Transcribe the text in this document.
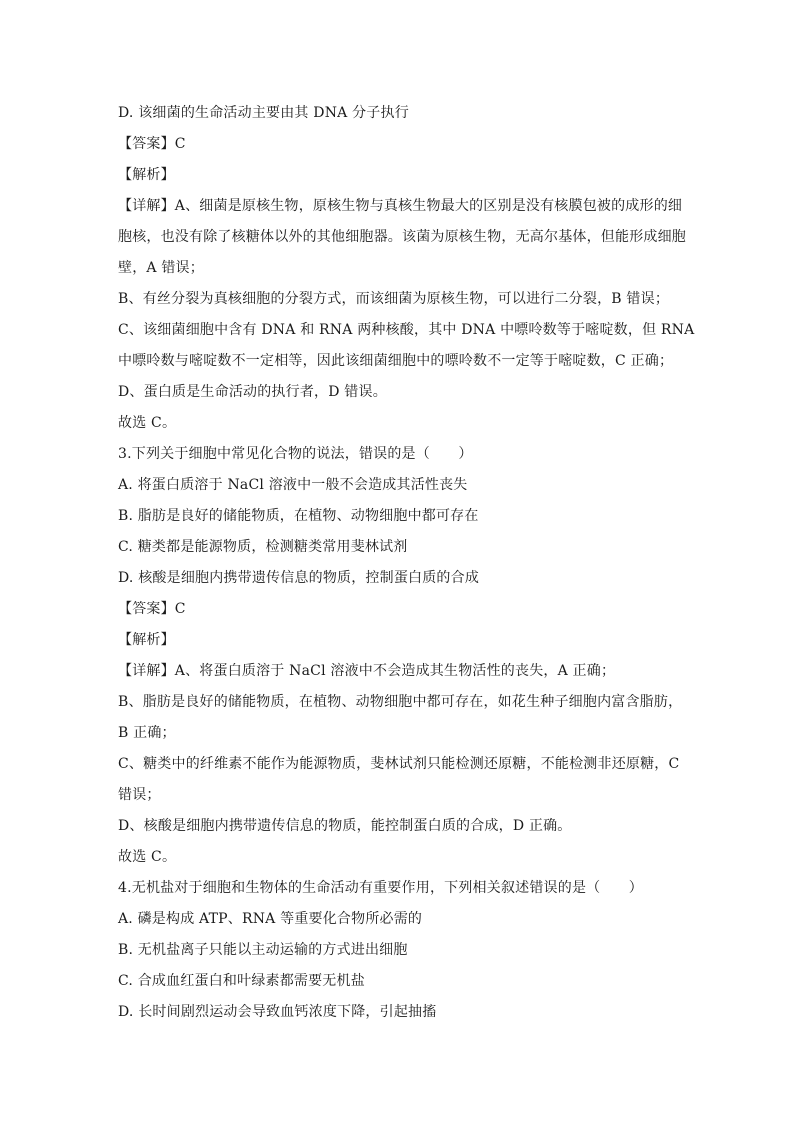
D. 该细菌的生命活动主要由其 DNA 分子执行
【答案】C
【解析】
【详解】A、细菌是原核生物，原核生物与真核生物最大的区别是没有核膜包被的成形的细
胞核，也没有除了核糖体以外的其他细胞器。该菌为原核生物，无高尔基体，但能形成细胞
壁，A 错误；
B、有丝分裂为真核细胞的分裂方式，而该细菌为原核生物，可以进行二分裂，B 错误；
C、该细菌细胞中含有 DNA 和 RNA 两种核酸，其中 DNA 中嘌呤数等于嘧啶数，但 RNA
中嘌呤数与嘧啶数不一定相等，因此该细菌细胞中的嘌呤数不一定等于嘧啶数，C 正确；
D、蛋白质是生命活动的执行者，D 错误。
故选 C。
3.下列关于细胞中常见化合物的说法，错误的是（　　）
A. 将蛋白质溶于 NaCl 溶液中一般不会造成其活性丧失
B. 脂肪是良好的储能物质，在植物、动物细胞中都可存在
C. 糖类都是能源物质，检测糖类常用斐林试剂
D. 核酸是细胞内携带遗传信息的物质，控制蛋白质的合成
【答案】C
【解析】
【详解】A、将蛋白质溶于 NaCl 溶液中不会造成其生物活性的丧失，A 正确；
B、脂肪是良好的储能物质，在植物、动物细胞中都可存在，如花生种子细胞内富含脂肪，
B 正确；
C、糖类中的纤维素不能作为能源物质，斐林试剂只能检测还原糖，不能检测非还原糖，C
错误；
D、核酸是细胞内携带遗传信息的物质，能控制蛋白质的合成，D 正确。
故选 C。
4.无机盐对于细胞和生物体的生命活动有重要作用，下列相关叙述错误的是（　　）
A. 磷是构成 ATP、RNA 等重要化合物所必需的
B. 无机盐离子只能以主动运输的方式进出细胞
C. 合成血红蛋白和叶绿素都需要无机盐
D. 长时间剧烈运动会导致血钙浓度下降，引起抽搐
